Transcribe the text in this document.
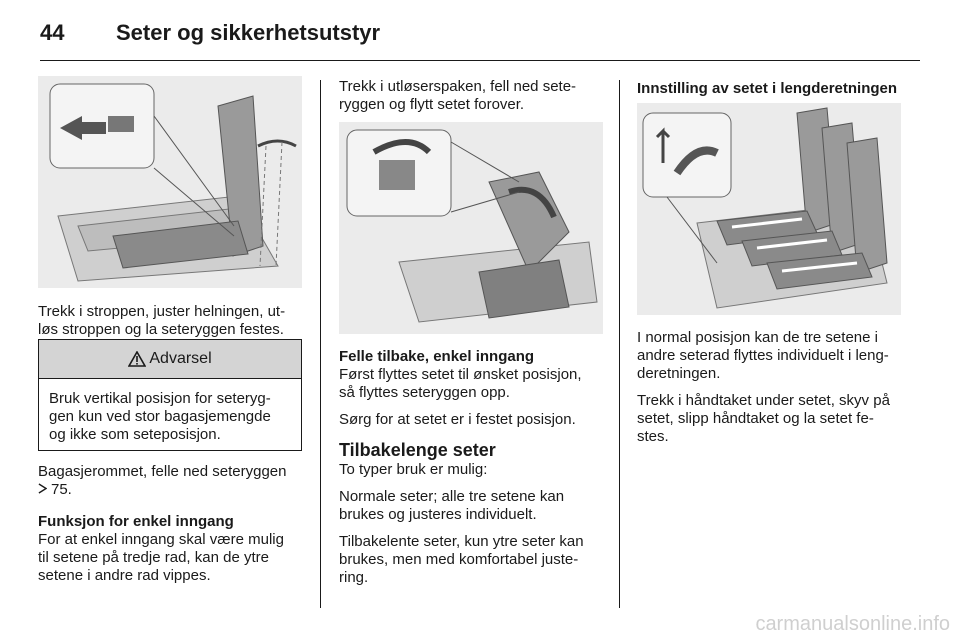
44 Seter og sikkerhetsutstyr
Trekk i stroppen, juster helningen, ut-
løs stroppen og la seteryggen festes.
Advarsel
Bruk vertikal posisjon for seteryg-
gen kun ved stor bagasjemengde
og ikke som seteposisjon.

Bagasjerommet, felle ned seteryggen
75.

Funksjon for enkel inngang
For at enkel inngang skal være mulig
til setene på tredje rad, kan de ytre
setene i andre rad vippes.
Trekk i utløserspaken, fell ned sete-
ryggen og flytt setet forover.
Felle tilbake, enkel inngang
Først flyttes setet til ønsket posisjon,

så flyttes seteryggen opp.

Sørg for at setet er i festet posisjon.

Tilbakelenge seter

To typer bruk er mulig:

Normale seter; alle tre setene kan
brukes og justeres individuelt.

Tilbakelente seter, kun ytre seter kan
brukes, men med komfortabel juste-
ring.
Innstilling av setet i lengderetningen

I normal posisjon kan de tre setene i
andre seterad flyttes individuelt i leng-
deretningen.

Trekk i håndtaket under setet, skyv på
setet, slipp håndtaket og la setet fe-
stes.
carmanualsonline.info
